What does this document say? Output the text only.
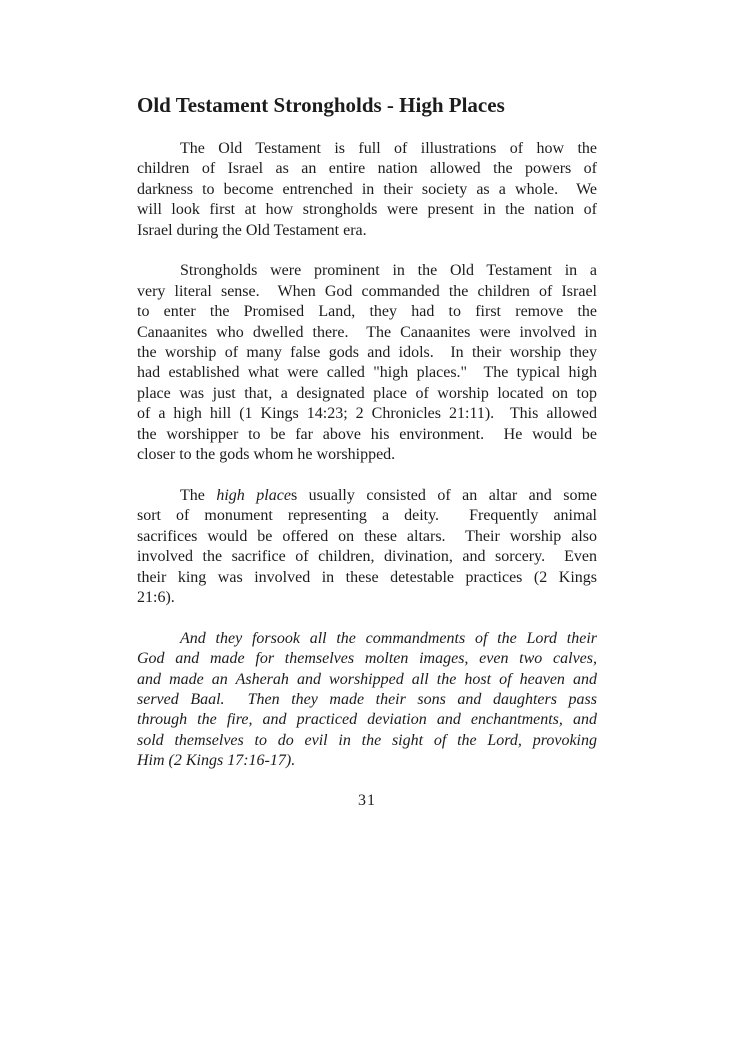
Old Testament Strongholds - High Places
The Old Testament is full of illustrations of how the
children of Israel as an entire nation allowed the powers of
darkness to become entrenched in their society as a whole.  We
will look first at how strongholds were present in the nation of
Israel during the Old Testament era.
Strongholds were prominent in the Old Testament in a
very literal sense.  When God commanded the children of Israel
to enter the Promised Land, they had to first remove the
Canaanites who dwelled there.  The Canaanites were involved in
the worship of many false gods and idols.  In their worship they
had established what were called "high places."  The typical high
place was just that, a designated place of worship located on top
of a high hill (1 Kings 14:23; 2 Chronicles 21:11).  This allowed
the worshipper to be far above his environment.  He would be
closer to the gods whom he worshipped.
The high places usually consisted of an altar and some
sort of monument representing a deity.  Frequently animal
sacrifices would be offered on these altars.  Their worship also
involved the sacrifice of children, divination, and sorcery.  Even
their king was involved in these detestable practices (2 Kings
21:6).
And they forsook all the commandments of the Lord their
God and made for themselves molten images, even two calves,
and made an Asherah and worshipped all the host of heaven and
served Baal.  Then they made their sons and daughters pass
through the fire, and practiced deviation and enchantments, and
sold themselves to do evil in the sight of the Lord, provoking
Him (2 Kings 17:16-17).
31
